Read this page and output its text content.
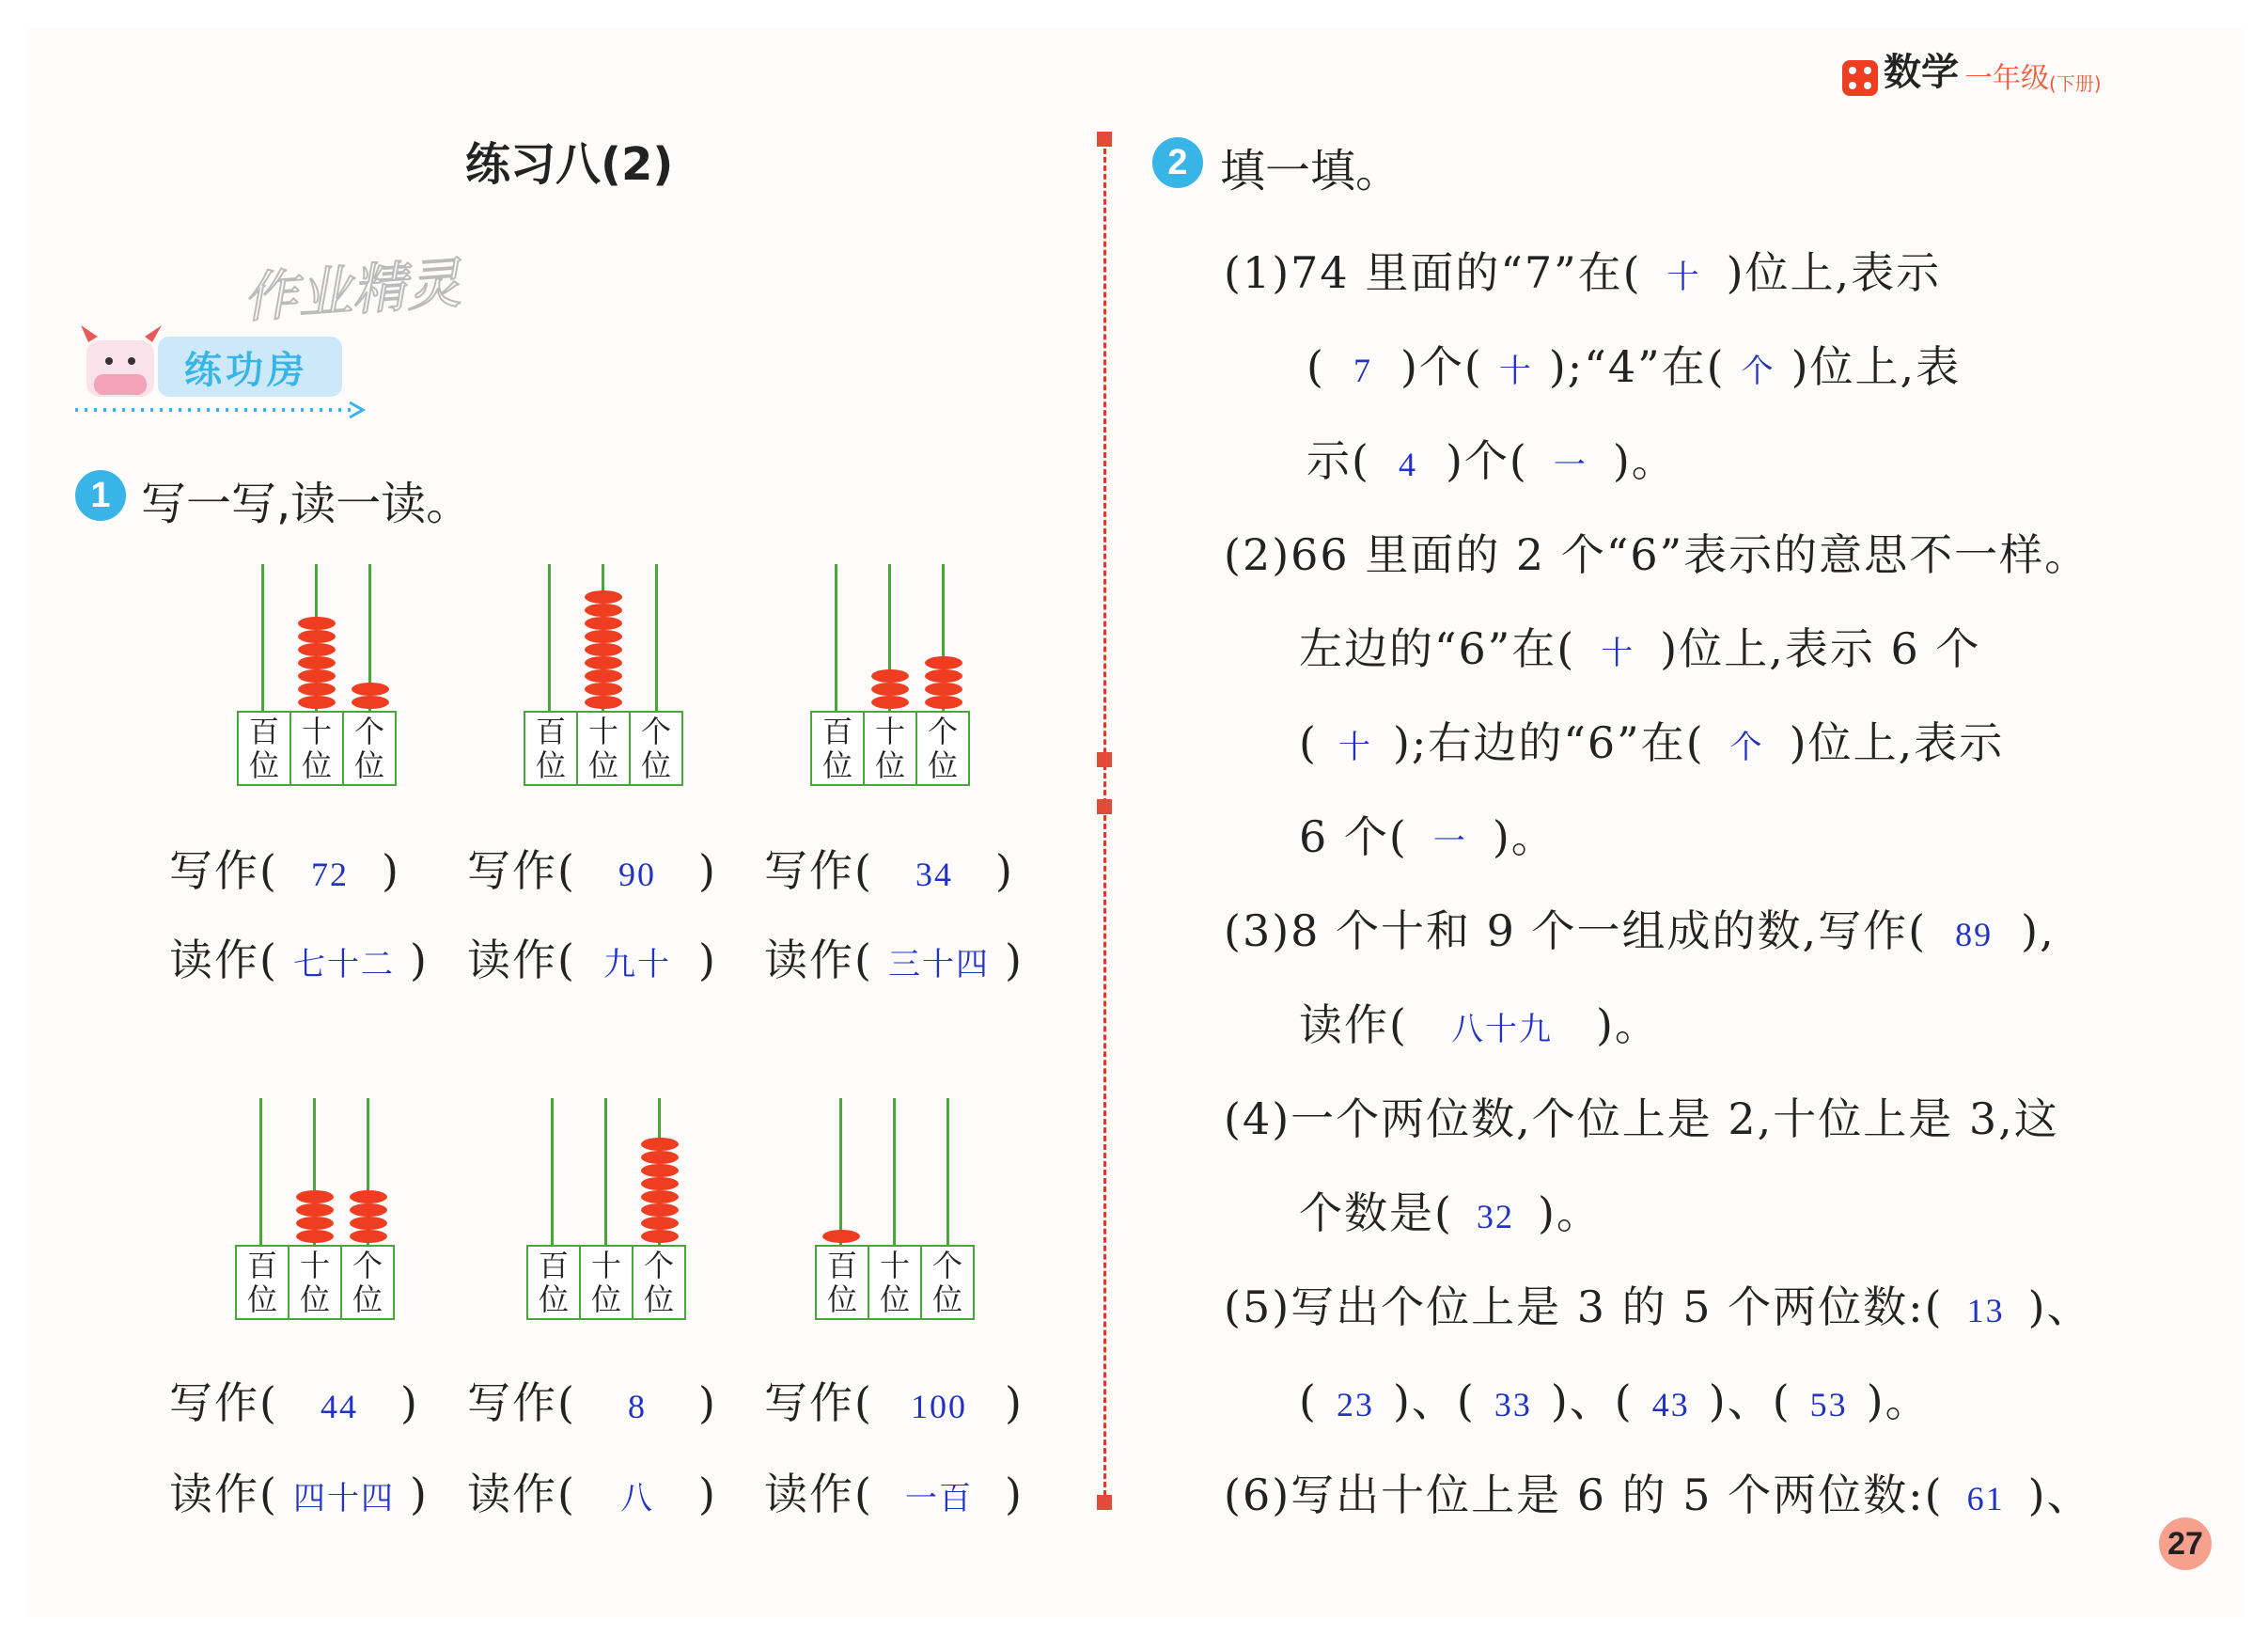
数学 一年级 (下册)
练习八(2)
作业精灵
练功房
1 写一写,读一读。
百
位
十
位
个
位
百
位
十
位
个
位
百
位
十
位
个
位
百
位
十
位
个
位
百
位
十
位
个
位
百
位
十
位
个
位
写作( 72 ) 写作( 90 ) 写作( 34 )
读作( 七十二 ) 读作( 九十 ) 读作( 三十四 )
写作( 44 ) 写作( 8 ) 写作( 100 )
读作( 四十四 ) 读作( 八 ) 读作( 一百 )
2 填一填。
(1)74 里面的“7”在( 十 )位上,表示
( 7 )个( 十 );“4”在( 个 )位上,表
示( 4 )个( 一 )。
(2)66 里面的 2 个“6”表示的意思不一样。
左边的“6”在( 十 )位上,表示 6 个
( 十 );右边的“6”在( 个 )位上,表示
6 个( 一 )。
(3)8 个十和 9 个一组成的数,写作( 89 ),
读作( 八十九 )。
(4)一个两位数,个位上是 2,十位上是 3,这
个数是( 32 )。
(5)写出个位上是 3 的 5 个两位数:( 13 )、
( 23 )、( 33 )、( 43 )、( 53 )。
(6)写出十位上是 6 的 5 个两位数:( 61 )、
27
